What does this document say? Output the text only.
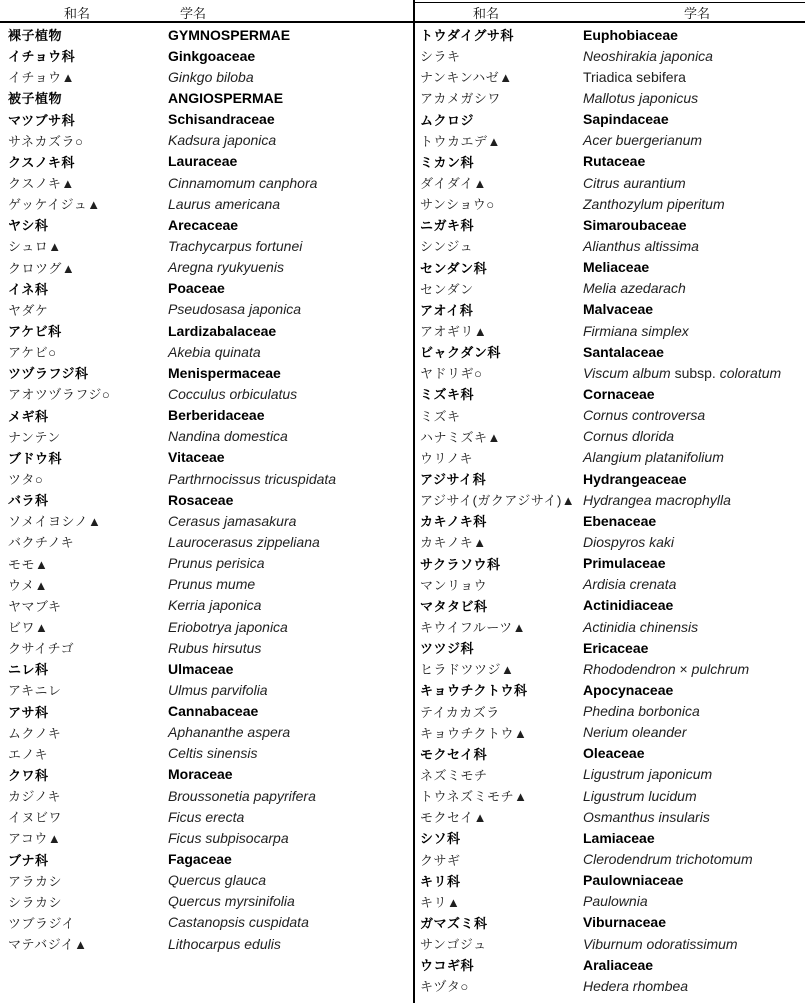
和名	学名	和名	学名
裸子植物	GYMNOSPERMAE
イチョウ科	Ginkgoaceae
イチョウ▲	Ginkgo biloba
被子植物	ANGIOSPERMAE
マツブサ科	Schisandraceae
サネカズラ○	Kadsura japonica
クスノキ科	Lauraceae
クスノキ▲	Cinnamomum canphora
ゲッケイジュ▲	Laurus americana
ヤシ科	Arecaceae
シュロ▲	Trachycarpus fortunei
クロツグ▲	Aregna ryukyuenis
イネ科	Poaceae
ヤダケ	Pseudosasa japonica
アケビ科	Lardizabalaceae
アケビ○	Akebia quinata
ツヅラフジ科	Menispermaceae
アオツヅラフジ○	Cocculus orbiculatus
メギ科	Berberidaceae
ナンテン	Nandina domestica
ブドウ科	Vitaceae
ツタ○	Parthrnocissus tricuspidata
バラ科	Rosaceae
ソメイヨシノ▲	Cerasus jamasakura
バクチノキ	Laurocerasus zippeliana
モモ▲	Prunus perisica
ウメ▲	Prunus mume
ヤマブキ	Kerria japonica
ビワ▲	Eriobotrya japonica
クサイチゴ	Rubus hirsutus
ニレ科	Ulmaceae
アキニレ	Ulmus parvifolia
アサ科	Cannabaceae
ムクノキ	Aphananthe aspera
エノキ	Celtis sinensis
クワ科	Moraceae
カジノキ	Broussonetia papyrifera
イヌビワ	Ficus erecta
アコウ▲	Ficus subpisocarpa
ブナ科	Fagaceae
アラカシ	Quercus glauca
シラカシ	Quercus myrsinifolia
ツブラジイ	Castanopsis cuspidata
マテバジイ▲	Lithocarpus edulis
トウダイグサ科	Euphobiaceae
シラキ	Neoshirakia japonica
ナンキンハゼ▲	Triadica sebifera
アカメガシワ	Mallotus japonicus
ムクロジ	Sapindaceae
トウカエデ▲	Acer buergerianum
ミカン科	Rutaceae
ダイダイ▲	Citrus aurantium
サンショウ○	Zanthozylum piperitum
ニガキ科	Simaroubaceae
シンジュ	Alianthus altissima
センダン科	Meliaceae
センダン	Melia azedarach
アオイ科	Malvaceae
アオギリ▲	Firmiana simplex
ビャクダン科	Santalaceae
ヤドリギ○	Viscum album subsp. coloratum
ミズキ科	Cornaceae
ミズキ	Cornus controversa
ハナミズキ▲	Cornus dlorida
ウリノキ	Alangium platanifolium
アジサイ科	Hydrangeaceae
アジサイ(ガクアジサイ)▲ Hydrangea macrophylla
カキノキ科	Ebenaceae
カキノキ▲	Diospyros kaki
サクラソウ科	Primulaceae
マンリョウ	Ardisia crenata
マタタビ科	Actinidiaceae
キウイフルーツ▲	Actinidia chinensis
ツツジ科	Ericaceae
ヒラドツツジ▲	Rhododendron × pulchrum
キョウチクトウ科	Apocynaceae
テイカカズラ	Phedina borbonica
キョウチクトウ▲	Nerium oleander
モクセイ科	Oleaceae
ネズミモチ	Ligustrum japonicum
トウネズミモチ▲	Ligustrum lucidum
モクセイ▲	Osmanthus insularis
シソ科	Lamiaceae
クサギ	Clerodendrum trichotomum
キリ科	Paulowniaceae
キリ▲	Paulownia
ガマズミ科	Viburnaceae
サンゴジュ	Viburnum odoratissimum
ウコギ科	Araliaceae
キヅタ○	Hedera rhombea
